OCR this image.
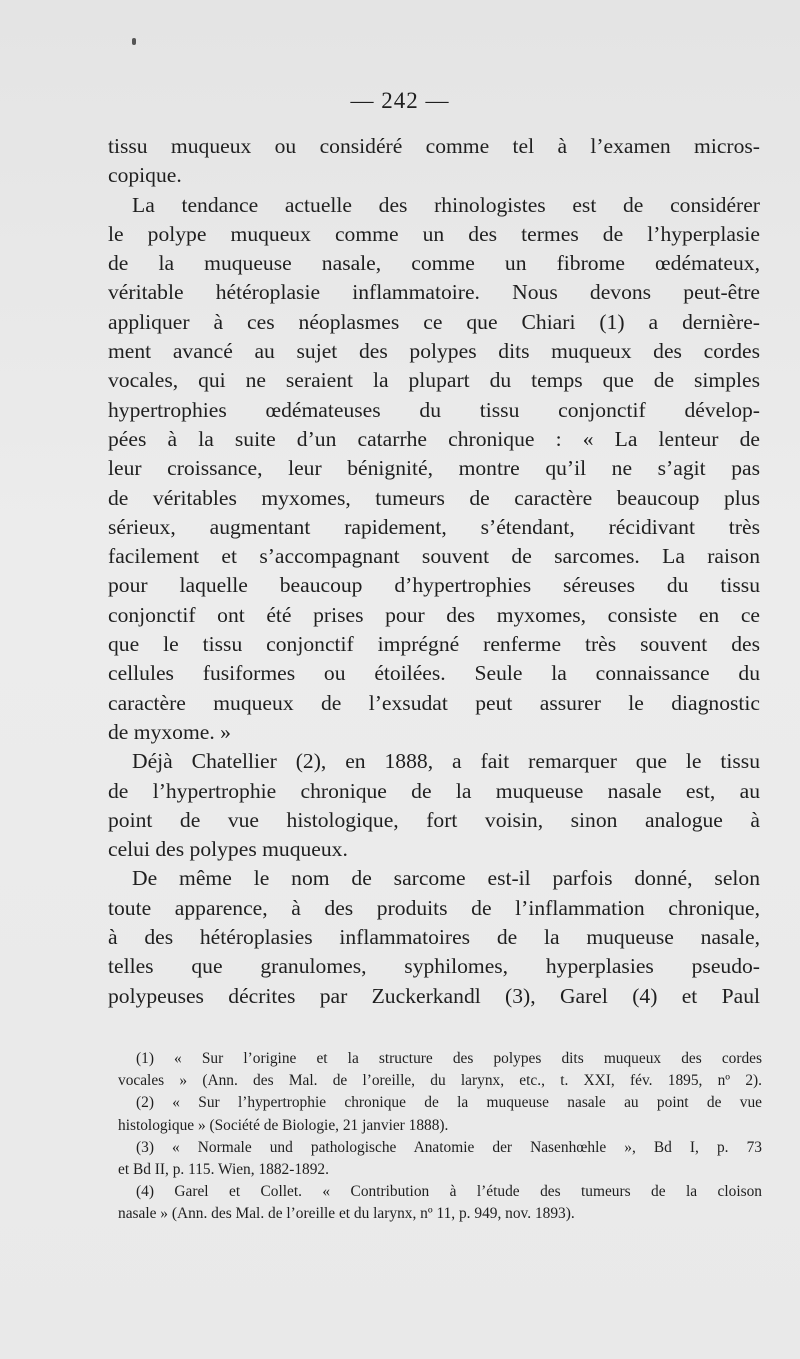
— 242 —
tissu muqueux ou considéré comme tel à l’examen micros-
copique.
La tendance actuelle des rhinologistes est de considérer
le polype muqueux comme un des termes de l’hyperplasie
de la muqueuse nasale, comme un fibrome œdémateux,
véritable hétéroplasie inflammatoire. Nous devons peut-être
appliquer à ces néoplasmes ce que Chiari (1) a dernière-
ment avancé au sujet des polypes dits muqueux des cordes
vocales, qui ne seraient la plupart du temps que de simples
hypertrophies œdémateuses du tissu conjonctif dévelop-
pées à la suite d’un catarrhe chronique : « La lenteur de
leur croissance, leur bénignité, montre qu’il ne s’agit pas
de véritables myxomes, tumeurs de caractère beaucoup plus
sérieux, augmentant rapidement, s’étendant, récidivant très
facilement et s’accompagnant souvent de sarcomes. La raison
pour laquelle beaucoup d’hypertrophies séreuses du tissu
conjonctif ont été prises pour des myxomes, consiste en ce
que le tissu conjonctif imprégné renferme très souvent des
cellules fusiformes ou étoilées. Seule la connaissance du
caractère muqueux de l’exsudat peut assurer le diagnostic
de myxome. »
Déjà Chatellier (2), en 1888, a fait remarquer que le tissu
de l’hypertrophie chronique de la muqueuse nasale est, au
point de vue histologique, fort voisin, sinon analogue à
celui des polypes muqueux.
De même le nom de sarcome est-il parfois donné, selon
toute apparence, à des produits de l’inflammation chronique,
à des hétéroplasies inflammatoires de la muqueuse nasale,
telles que granulomes, syphilomes, hyperplasies pseudo-
polypeuses décrites par Zuckerkandl (3), Garel (4) et Paul
(1) « Sur l’origine et la structure des polypes dits muqueux des cordes
vocales » (Ann. des Mal. de l’oreille, du larynx, etc., t. XXI, fév. 1895, nº 2).
(2) « Sur l’hypertrophie chronique de la muqueuse nasale au point de vue
histologique » (Société de Biologie, 21 janvier 1888).
(3) « Normale und pathologische Anatomie der Nasenhœhle », Bd I, p. 73
et Bd II, p. 115. Wien, 1882-1892.
(4) Garel et Collet. « Contribution à l’étude des tumeurs de la cloison
nasale » (Ann. des Mal. de l’oreille et du larynx, nº 11, p. 949, nov. 1893).
